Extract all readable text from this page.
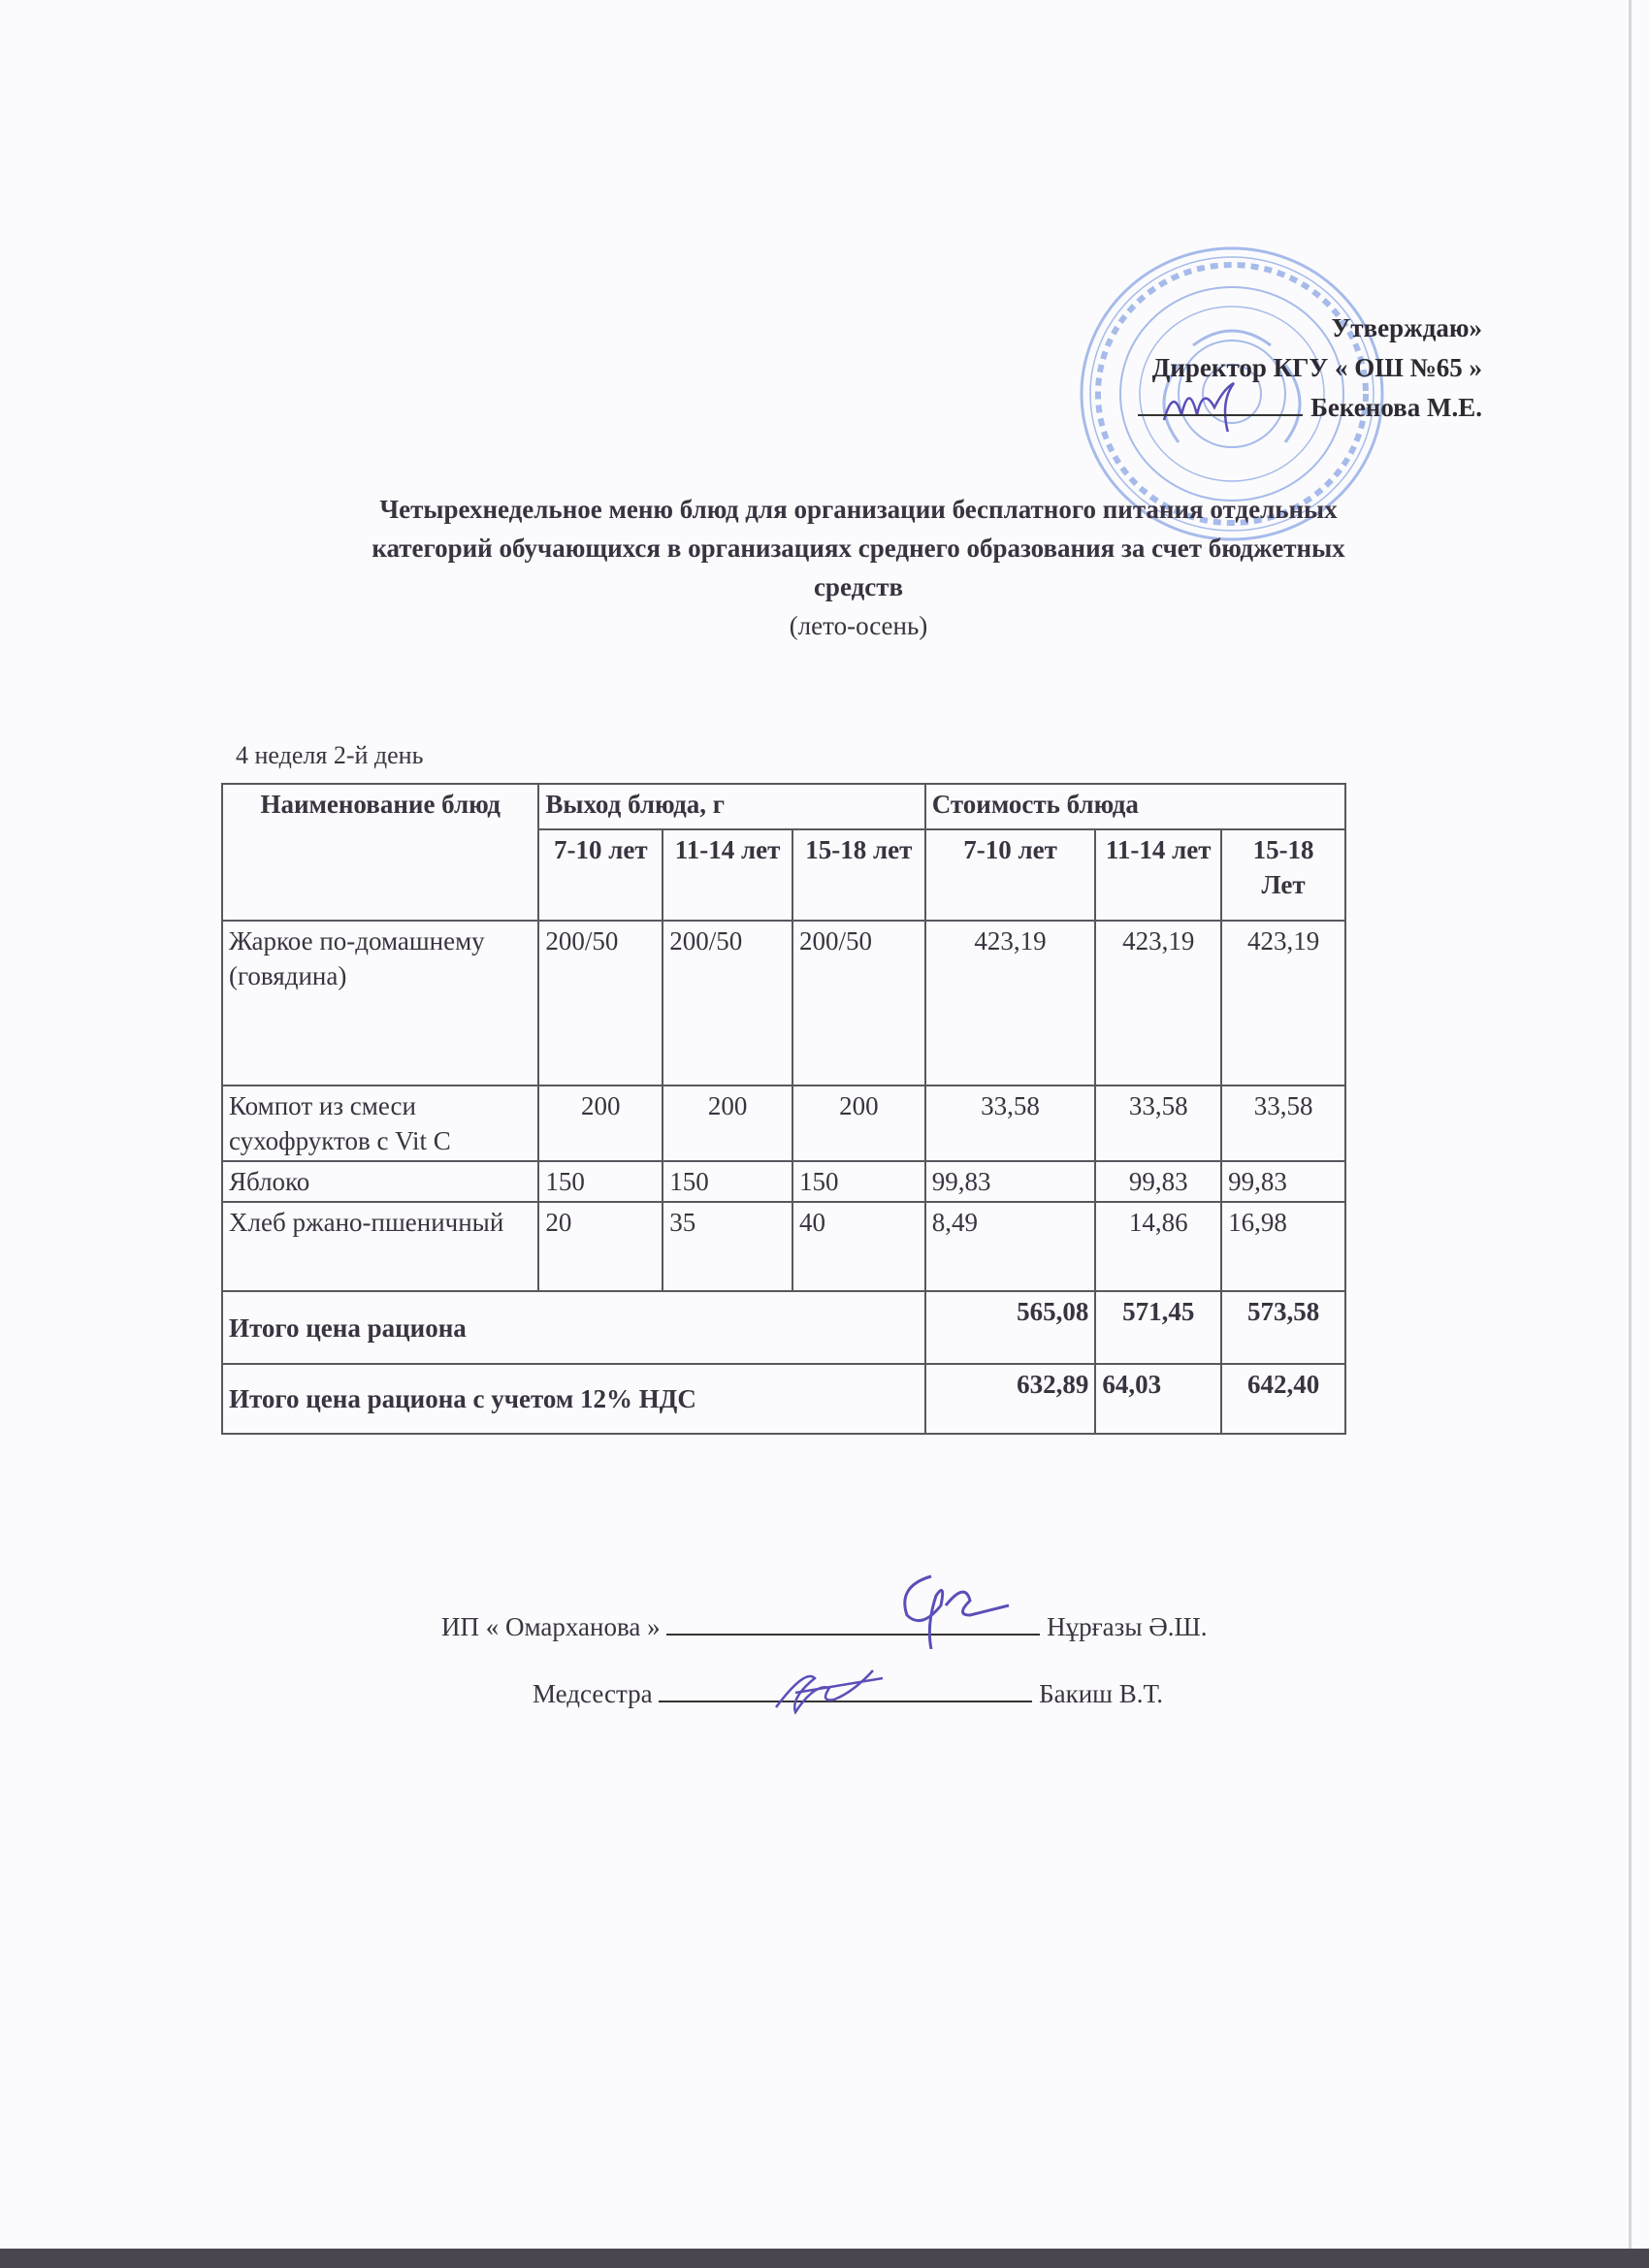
Утверждаю»
Директор КГУ « ОШ №65 »
Бекенова М.Е.
Четырехнедельное меню блюд для организации бесплатного питания отдельных
категорий обучающихся в организациях среднего образования за счет бюджетных
средств
(лето-осень)
4 неделя 2-й день
Наименование блюд	Выход блюда, г			Стоимость блюда		
	7-10 лет	11-14 лет	15-18 лет	7-10 лет	11-14 лет	15-18 Лет
Жаркое по-домашнему (говядина)	200/50	200/50	200/50	423,19	423,19	423,19
Компот из смеси сухофруктов с Vit C	200	200	200	33,58	33,58	33,58
Яблоко	150	150	150	99,83	99,83	99,83
Хлеб ржано-пшеничный	20	35	40	8,49	14,86	16,98
Итого цена рациона				565,08	571,45	573,58
Итого цена рациона с учетом 12% НДС				632,89	64,03	642,40
ИП « Омарханова »	Нұрғазы Ә.Ш.
Медсестра	Бакиш В.Т.
